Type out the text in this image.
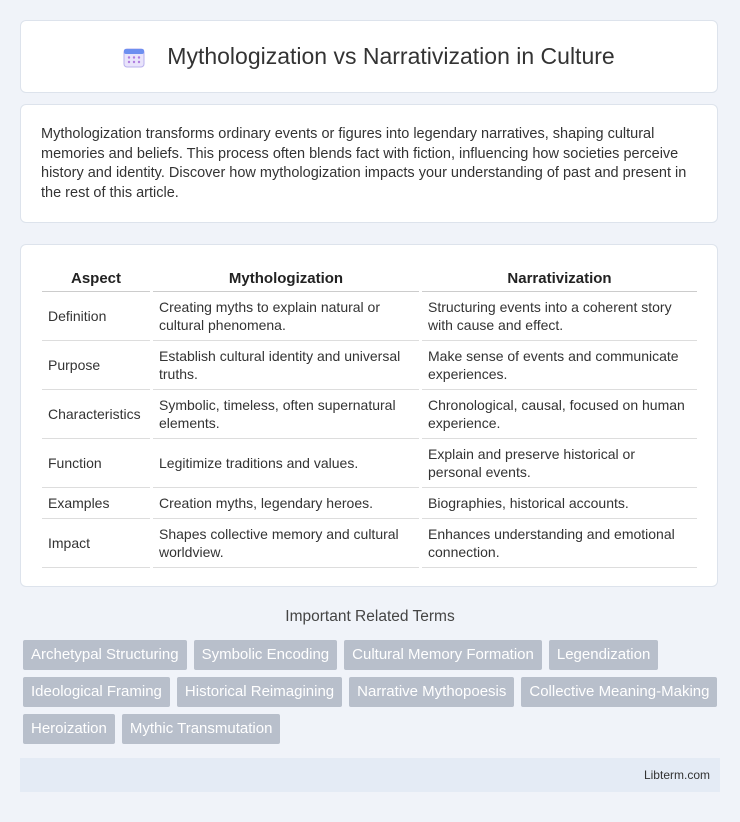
Mythologization vs Narrativization in Culture

Mythologization transforms ordinary events or figures into legendary narratives, shaping cultural memories and beliefs. This process often blends fact with fiction, influencing how societies perceive history and identity. Discover how mythologization impacts your understanding of past and present in the rest of this article.

Aspect	Mythologization	Narrativization
Definition	Creating myths to explain natural or cultural phenomena.	Structuring events into a coherent story with cause and effect.
Purpose	Establish cultural identity and universal truths.	Make sense of events and communicate experiences.
Characteristics	Symbolic, timeless, often supernatural elements.	Chronological, causal, focused on human experience.
Function	Legitimize traditions and values.	Explain and preserve historical or personal events.
Examples	Creation myths, legendary heroes.	Biographies, historical accounts.
Impact	Shapes collective memory and cultural worldview.	Enhances understanding and emotional connection.
Important Related Terms
Archetypal Structuring	Symbolic Encoding	Cultural Memory Formation	Legendization
Ideological Framing	Historical Reimagining	Narrative Mythopoesis	Collective Meaning-Making
Heroization	Mythic Transmutation
Libterm.com
